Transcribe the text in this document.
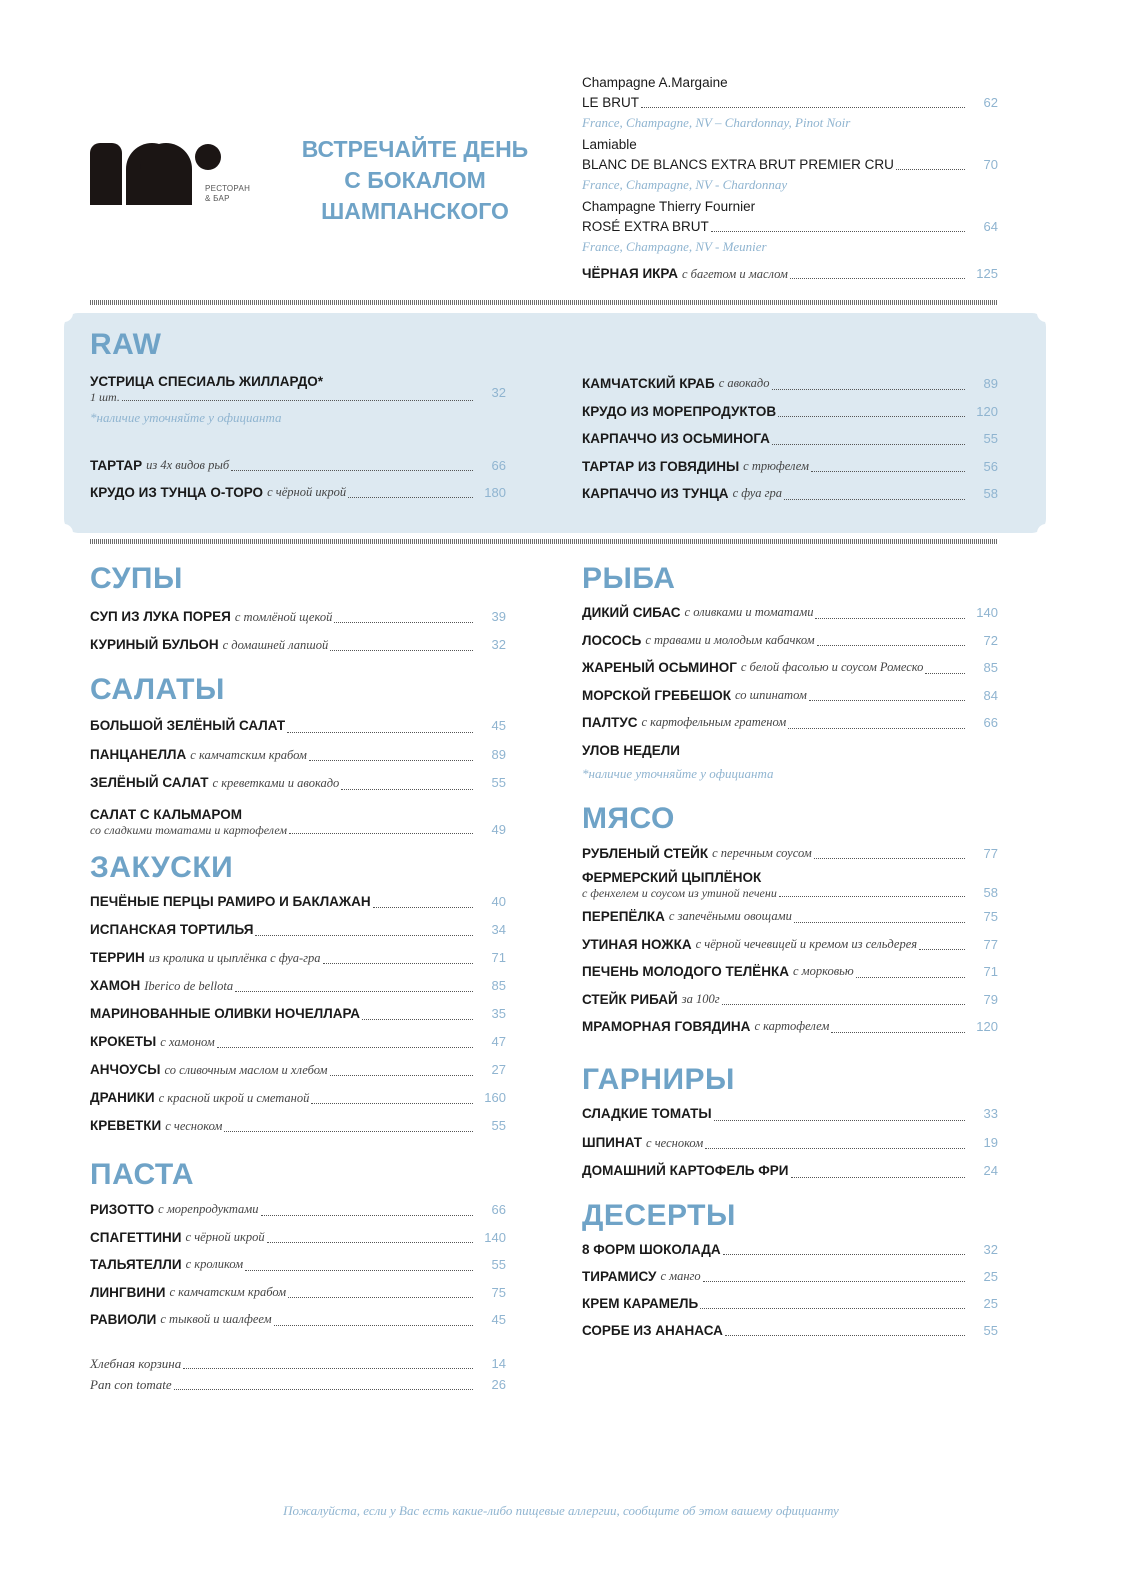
РЕСТОРАН
& БАР
ВСТРЕЧАЙТЕ ДЕНЬ
С БОКАЛОМ
ШАМПАНСКОГО
Champagne A.Margaine
LE BRUT	62
France, Champagne, NV – Chardonnay, Pinot Noir
Lamiable
BLANC DE BLANCS EXTRA BRUT PREMIER CRU	70
France, Champagne, NV - Chardonnay
Champagne Thierry Fournier
ROSÉ EXTRA BRUT	64
France, Champagne, NV - Meunier
ЧЁРНАЯ ИКРА с багетом и маслом	125
RAW
УСТРИЦА СПЕСИАЛЬ ЖИЛЛАРДО*
1 шт.	32
*наличие уточняйте у официанта
ТАРТАР из 4х видов рыб	66
КРУДО ИЗ ТУНЦА О-ТОРО с чёрной икрой	180
КАМЧАТСКИЙ КРАБ с авокадо	89
КРУДО ИЗ МОРЕПРОДУКТОВ	120
КАРПАЧЧО ИЗ ОСЬМИНОГА	55
ТАРТАР ИЗ ГОВЯДИНЫ с трюфелем	56
КАРПАЧЧО ИЗ ТУНЦА с фуа гра	58
СУПЫ
СУП ИЗ ЛУКА ПОРЕЯ с томлёной щекой	39
КУРИНЫЙ БУЛЬОН с домашней лапшой	32
САЛАТЫ
БОЛЬШОЙ ЗЕЛЁНЫЙ САЛАТ	45
ПАНЦАНЕЛЛА с камчатским крабом	89
ЗЕЛЁНЫЙ САЛАТ с креветками и авокадо	55
САЛАТ С КАЛЬМАРОМ
со сладкими томатами и картофелем	49
ЗАКУСКИ
ПЕЧЁНЫЕ ПЕРЦЫ РАМИРО И БАКЛАЖАН	40
ИСПАНСКАЯ ТОРТИЛЬЯ	34
ТЕРРИН из кролика и цыплёнка с фуа-гра	71
ХАМОН Iberico de bellota	85
МАРИНОВАННЫЕ ОЛИВКИ НОЧЕЛЛАРА	35
КРОКЕТЫ с хамоном	47
АНЧОУСЫ со сливочным маслом и хлебом	27
ДРАНИКИ с красной икрой и сметаной	160
КРЕВЕТКИ с чесноком	55
ПАСТА
РИЗОТТО с морепродуктами	66
СПАГЕТТИНИ с чёрной икрой	140
ТАЛЬЯТЕЛЛИ с кроликом	55
ЛИНГВИНИ с камчатским крабом	75
РАВИОЛИ с тыквой и шалфеем	45
Хлебная корзина	14
Pan con tomate	26
РЫБА
ДИКИЙ СИБАС с оливками и томатами	140
ЛОСОСЬ с травами и молодым кабачком	72
ЖАРЕНЫЙ ОСЬМИНОГ с белой фасолью и соусом Ромеско	85
МОРСКОЙ ГРЕБЕШОК со шпинатом	84
ПАЛТУС с картофельным гратеном	66
УЛОВ НЕДЕЛИ
*наличие уточняйте у официанта
МЯСО
РУБЛЕНЫЙ СТЕЙК с перечным соусом	77
ФЕРМЕРСКИЙ ЦЫПЛЁНОК
с фенхелем и соусом из утиной печени	58
ПЕРЕПЁЛКА с запечёными овощами	75
УТИНАЯ НОЖКА с чёрной чечевицей и кремом из сельдерея	77
ПЕЧЕНЬ МОЛОДОГО ТЕЛЁНКА с морковью	71
СТЕЙК РИБАЙ за 100г	79
МРАМОРНАЯ ГОВЯДИНА с картофелем	120
ГАРНИРЫ
СЛАДКИЕ ТОМАТЫ	33
ШПИНАТ с чесноком	19
ДОМАШНИЙ КАРТОФЕЛЬ ФРИ	24
ДЕСЕРТЫ
8 ФОРМ ШОКОЛАДА	32
ТИРАМИСУ с манго	25
КРЕМ КАРАМЕЛЬ	25
СОРБЕ ИЗ АНАНАСА	55
Пожалуйста, если у Вас есть какие-либо пищевые аллергии, сообщите об этом вашему официанту
